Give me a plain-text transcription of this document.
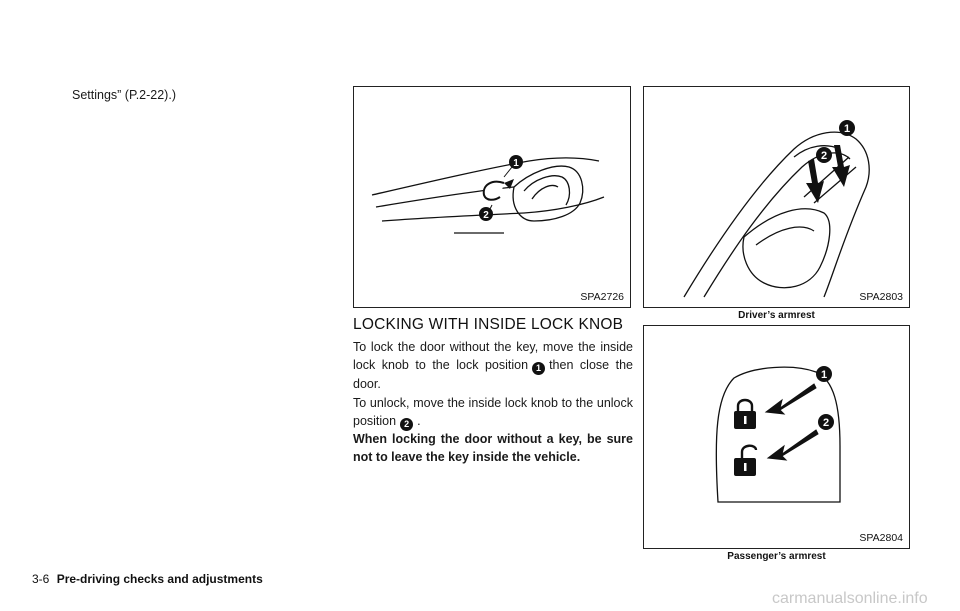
Settings” (P.2-22).)
1
2
SPA2726
LOCKING WITH INSIDE LOCK KNOB
To lock the door without the key, move the inside lock knob to the lock position 1 then close the door.
To unlock, move the inside lock knob to the unlock position 2 .
When locking the door without a key, be sure not to leave the key inside the vehicle.
1
2
SPA2803
Driver’s armrest
1
2
SPA2804
Passenger’s armrest
3-6 Pre-driving checks and adjustments
carmanualsonline.info
